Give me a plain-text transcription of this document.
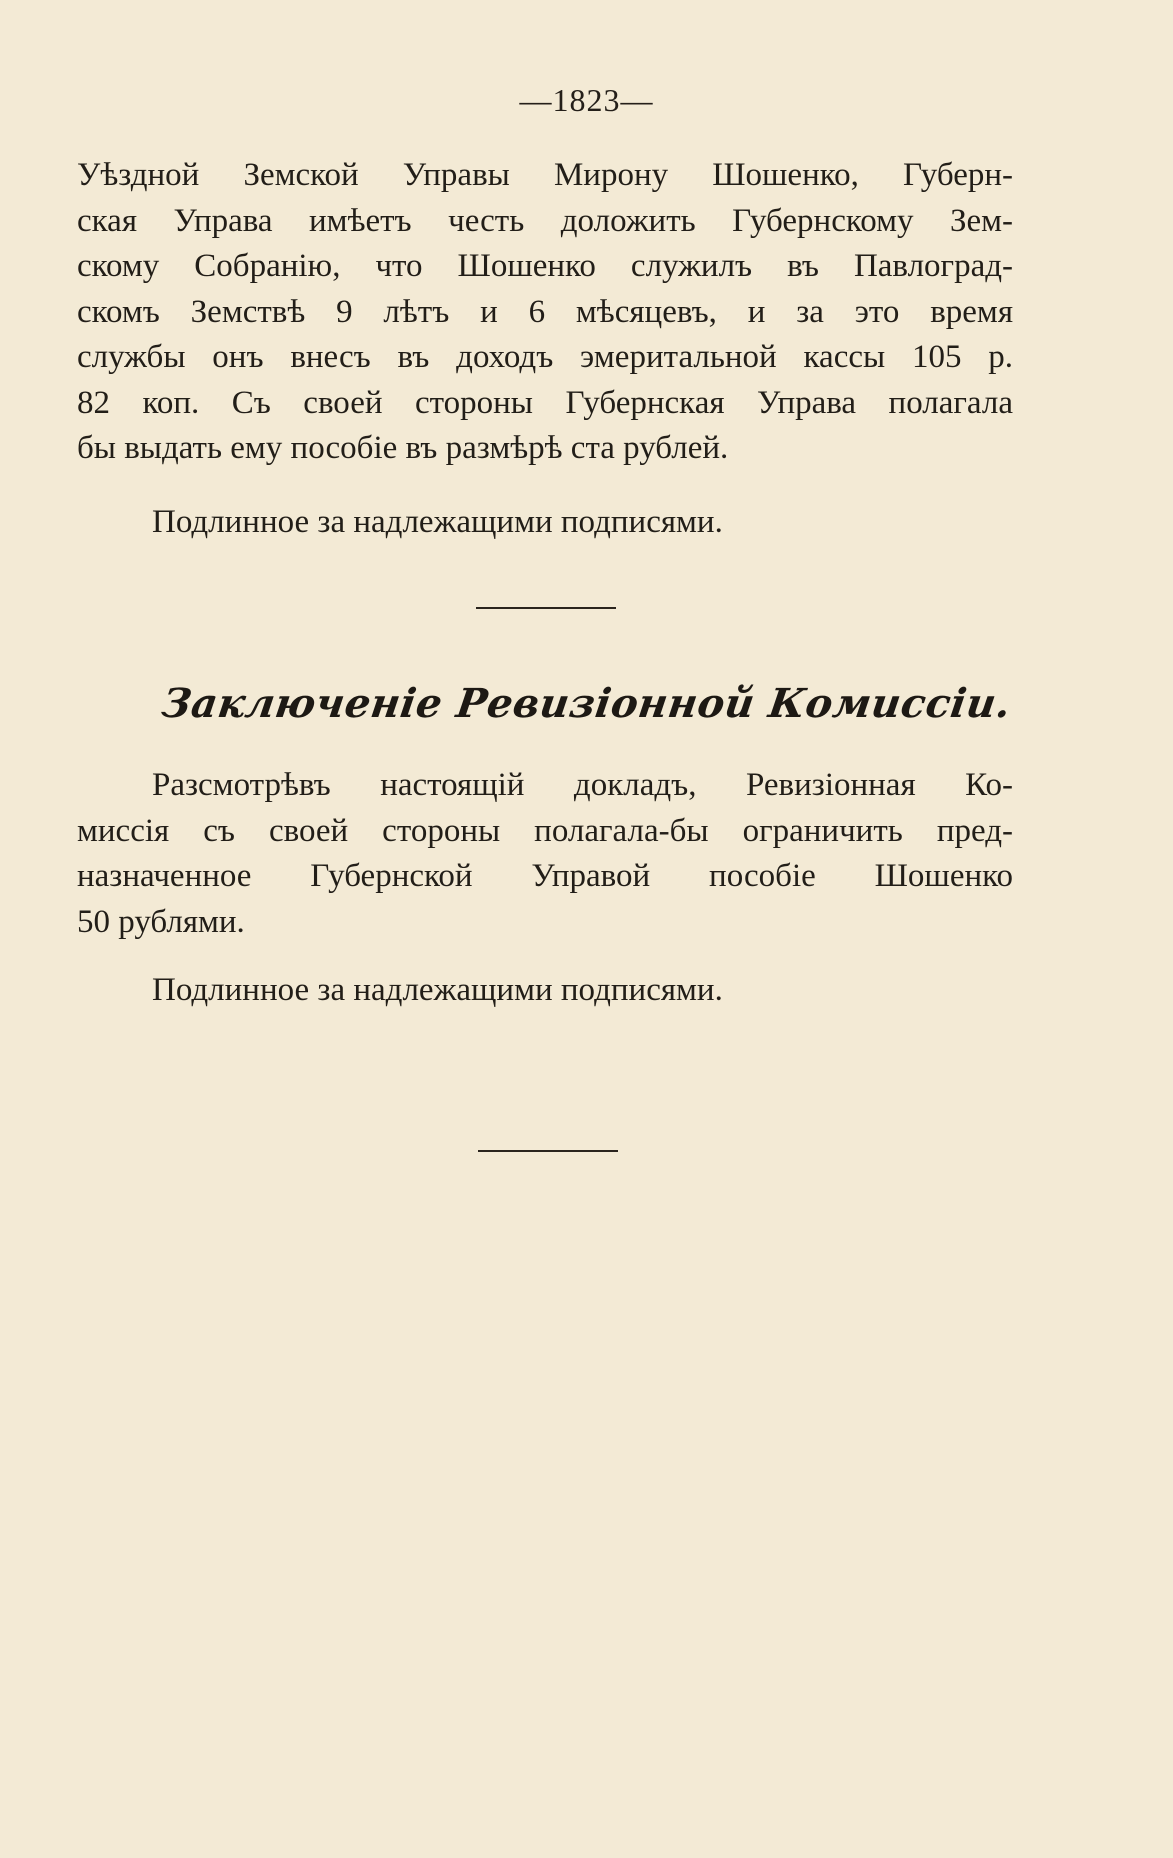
—1823—
Уѣздной Земской Управы Мирону Шошенко, Губерн-
ская Управа имѣетъ честь доложить Губернскому Зем-
скому Собранію, что Шошенко служилъ въ Павлоград-
скомъ Земствѣ 9 лѣтъ и 6 мѣсяцевъ, и за это время
службы онъ внесъ въ доходъ эмеритальной кассы 105 р.
82 коп. Съ своей стороны Губернская Управа полагала
бы выдать ему пособіе въ размѣрѣ ста рублей.
Подлинное за надлежащими подписями.
Заключеніе Ревизіонной Комиссіи.
Разсмотрѣвъ настоящій докладъ, Ревизіонная Ко-
миссія съ своей стороны полагала-бы ограничить пред-
назначенное Губернской Управой пособіе Шошенко
50 рублями.
Подлинное за надлежащими подписями.
